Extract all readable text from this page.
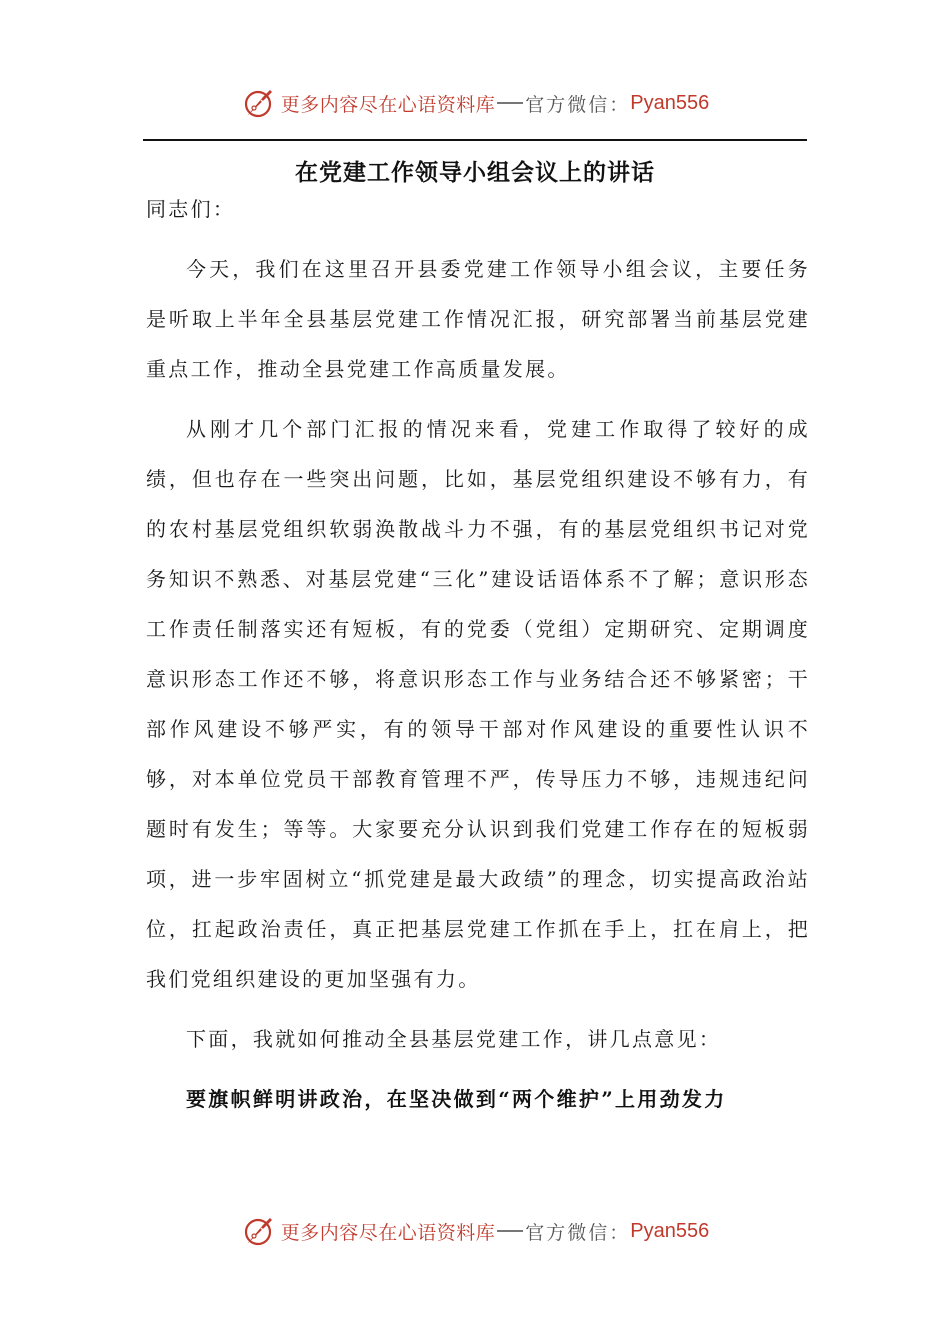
更多内容尽在心语资料库 官方微信： Pyan556
在党建工作领导小组会议上的讲话

同志们：

今天，我们在这里召开县委党建工作领导小组会议，主要任务是听取上半年全县基层党建工作情况汇报，研究部署当前基层党建重点工作，推动全县党建工作高质量发展。

从刚才几个部门汇报的情况来看，党建工作取得了较好的成绩，但也存在一些突出问题，比如，基层党组织建设不够有力，有的农村基层党组织软弱涣散战斗力不强，有的基层党组织书记对党务知识不熟悉、对基层党建“三化”建设话语体系不了解；意识形态工作责任制落实还有短板，有的党委（党组）定期研究、定期调度意识形态工作还不够，将意识形态工作与业务结合还不够紧密；干部作风建设不够严实，有的领导干部对作风建设的重要性认识不够，对本单位党员干部教育管理不严，传导压力不够，违规违纪问题时有发生；等等。大家要充分认识到我们党建工作存在的短板弱项，进一步牢固树立“抓党建是最大政绩”的理念，切实提高政治站位，扛起政治责任，真正把基层党建工作抓在手上，扛在肩上，把我们党组织建设的更加坚强有力。

下面，我就如何推动全县基层党建工作，讲几点意见：

要旗帜鲜明讲政治，在坚决做到“两个维护”上用劲发力

更多内容尽在心语资料库 官方微信： Pyan556
